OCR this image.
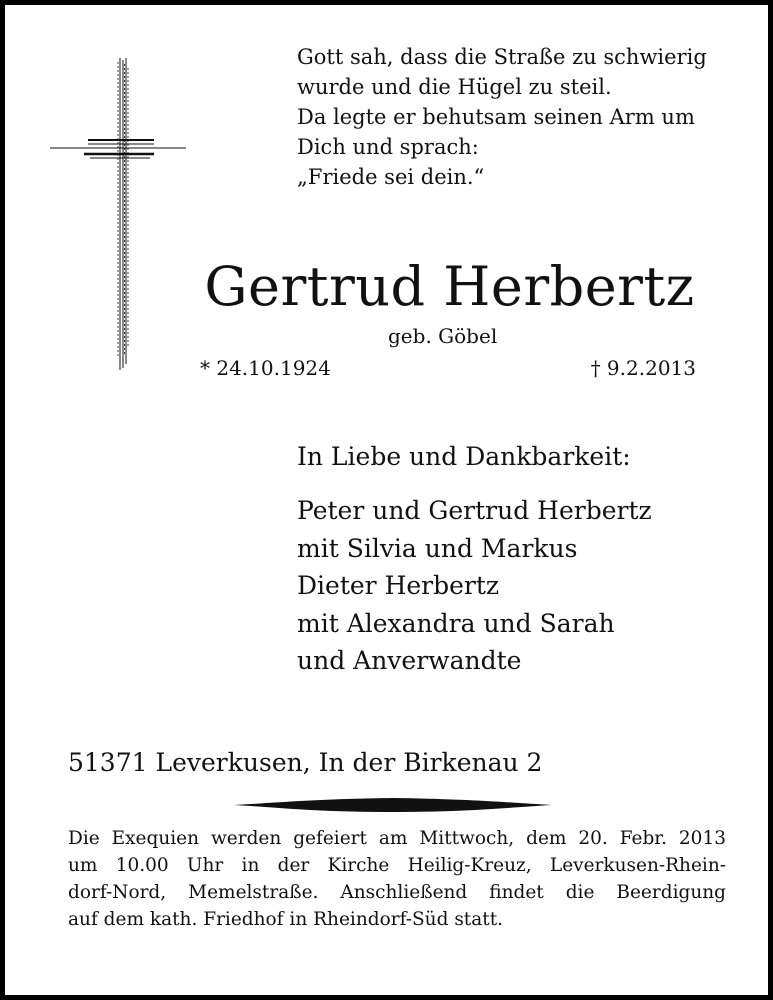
Gott sah, dass die Straße zu schwierig
wurde und die Hügel zu steil.
Da legte er behutsam seinen Arm um
Dich und sprach:
„Friede sei dein.“
Gertrud Herbertz
geb. Göbel
* 24.10.1924	† 9.2.2013
In Liebe und Dankbarkeit:
Peter und Gertrud Herbertz
mit Silvia und Markus
Dieter Herbertz
mit Alexandra und Sarah
und Anverwandte
51371 Leverkusen, In der Birkenau 2
Die Exequien werden gefeiert am Mittwoch, dem 20. Febr. 2013
um 10.00 Uhr in der Kirche Heilig-Kreuz, Leverkusen-Rhein-
dorf-Nord, Memelstraße. Anschließend findet die Beerdigung
auf dem kath. Friedhof in Rheindorf-Süd statt.
